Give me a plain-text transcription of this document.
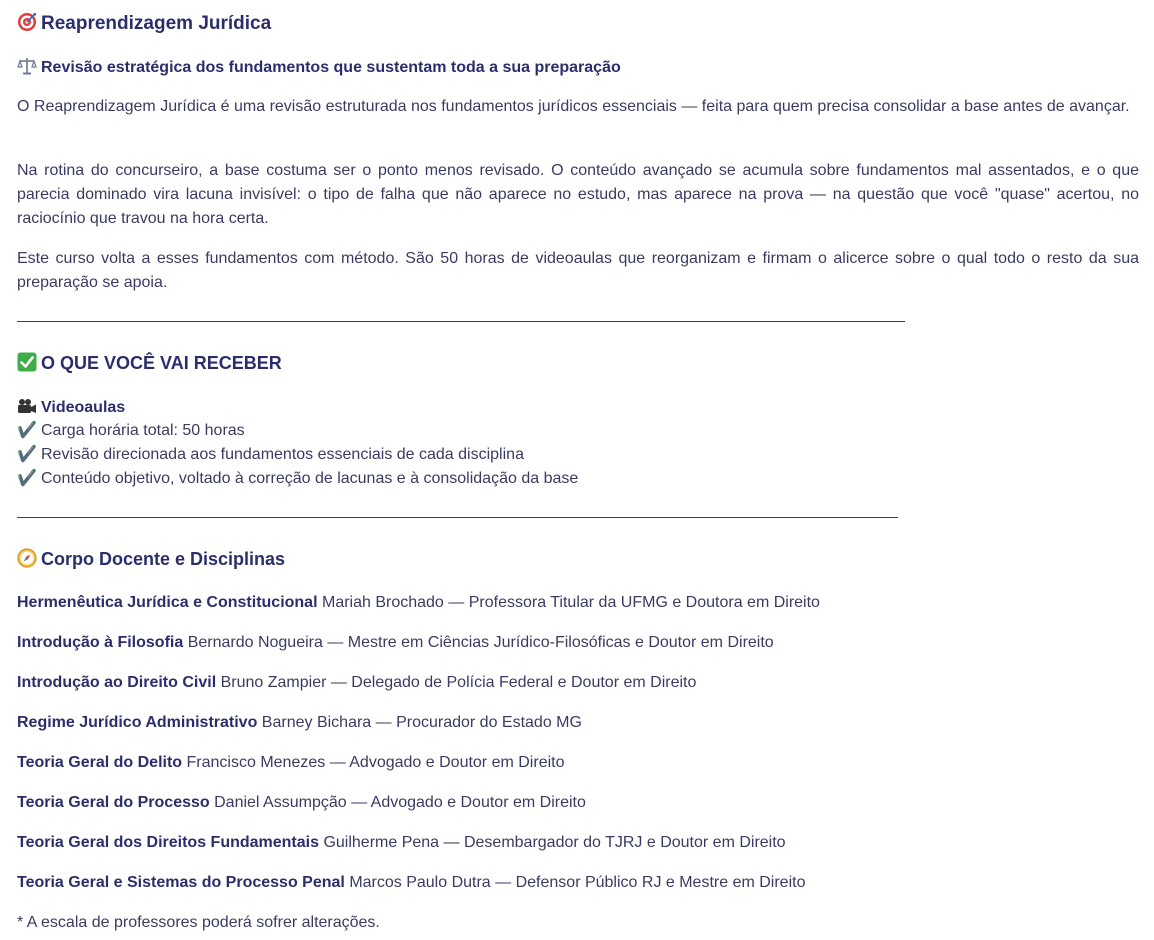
Reaprendizagem Jurídica
Revisão estratégica dos fundamentos que sustentam toda a sua preparação
O Reaprendizagem Jurídica é uma revisão estruturada nos fundamentos jurídicos essenciais — feita para quem precisa consolidar a base antes de avançar.
Na rotina do concurseiro, a base costuma ser o ponto menos revisado. O conteúdo avançado se acumula sobre fundamentos mal assentados, e o que parecia dominado vira lacuna invisível: o tipo de falha que não aparece no estudo, mas aparece na prova — na questão que você "quase" acertou, no raciocínio que travou na hora certa.
Este curso volta a esses fundamentos com método. São 50 horas de videoaulas que reorganizam e firmam o alicerce sobre o qual todo o resto da sua preparação se apoia.
O QUE VOCÊ VAI RECEBER
Videoaulas
✔️ Carga horária total: 50 horas
✔️ Revisão direcionada aos fundamentos essenciais de cada disciplina
✔️ Conteúdo objetivo, voltado à correção de lacunas e à consolidação da base
Corpo Docente e Disciplinas
Hermenêutica Jurídica e Constitucional Mariah Brochado — Professora Titular da UFMG e Doutora em Direito
Introdução à Filosofia Bernardo Nogueira — Mestre em Ciências Jurídico-Filosóficas e Doutor em Direito
Introdução ao Direito Civil Bruno Zampier — Delegado de Polícia Federal e Doutor em Direito
Regime Jurídico Administrativo Barney Bichara — Procurador do Estado MG
Teoria Geral do Delito Francisco Menezes — Advogado e Doutor em Direito
Teoria Geral do Processo Daniel Assumpção — Advogado e Doutor em Direito
Teoria Geral dos Direitos Fundamentais Guilherme Pena — Desembargador do TJRJ e Doutor em Direito
Teoria Geral e Sistemas do Processo Penal Marcos Paulo Dutra — Defensor Público RJ e Mestre em Direito
* A escala de professores poderá sofrer alterações.
